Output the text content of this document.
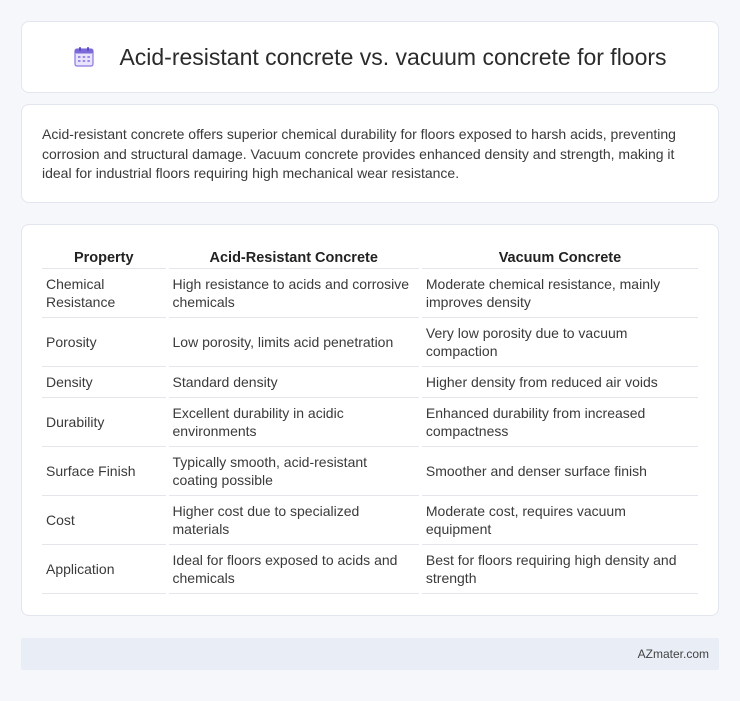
Acid-resistant concrete vs. vacuum concrete for floors

Acid-resistant concrete offers superior chemical durability for floors exposed to harsh acids, preventing corrosion and structural damage. Vacuum concrete provides enhanced density and strength, making it ideal for industrial floors requiring high mechanical wear resistance.

Property	Acid-Resistant Concrete	Vacuum Concrete
Chemical Resistance	High resistance to acids and corrosive chemicals	Moderate chemical resistance, mainly improves density
Porosity	Low porosity, limits acid penetration	Very low porosity due to vacuum compaction
Density	Standard density	Higher density from reduced air voids
Durability	Excellent durability in acidic environments	Enhanced durability from increased compactness
Surface Finish	Typically smooth, acid-resistant coating possible	Smoother and denser surface finish
Cost	Higher cost due to specialized materials	Moderate cost, requires vacuum equipment
Application	Ideal for floors exposed to acids and chemicals	Best for floors requiring high density and strength
AZmater.com
